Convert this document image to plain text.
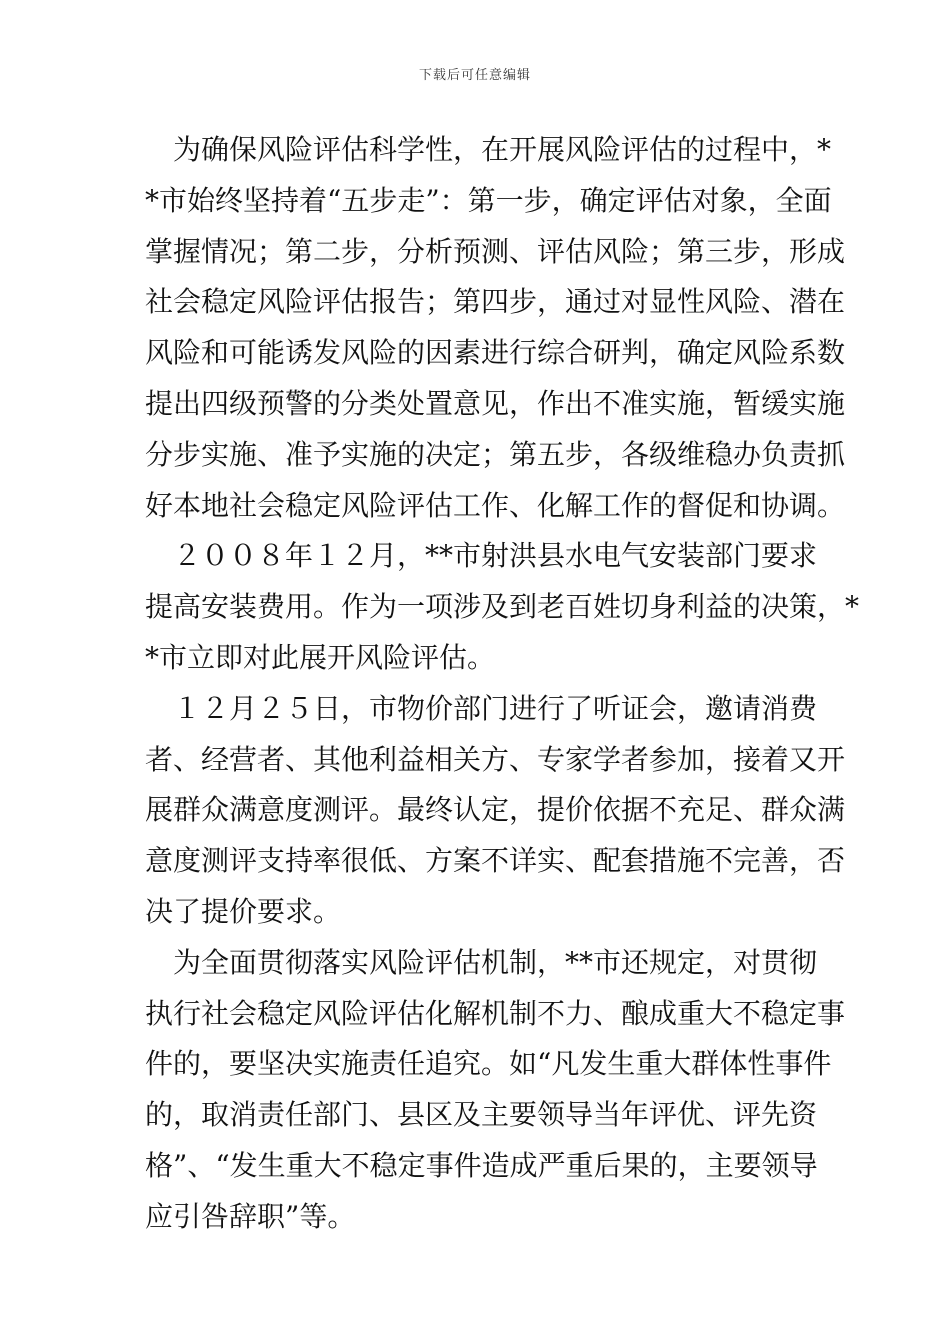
下载后可任意编辑
　为确保风险评估科学性，在开展风险评估的过程中，*
*市始终坚持着“五步走”：第一步，确定评估对象，全面
掌握情况；第二步，分析预测、评估风险；第三步，形成
社会稳定风险评估报告；第四步，通过对显性风险、潜在
风险和可能诱发风险的因素进行综合研判，确定风险系数
提出四级预警的分类处置意见，作出不准实施，暂缓实施
分步实施、准予实施的决定；第五步，各级维稳办负责抓
好本地社会稳定风险评估工作、化解工作的督促和协调。
　２００８年１２月，**市射洪县水电气安装部门要求
提高安装费用。作为一项涉及到老百姓切身利益的决策，*
*市立即对此展开风险评估。
　１２月２５日，市物价部门进行了听证会，邀请消费
者、经营者、其他利益相关方、专家学者参加，接着又开
展群众满意度测评。最终认定，提价依据不充足、群众满
意度测评支持率很低、方案不详实、配套措施不完善，否
决了提价要求。
　为全面贯彻落实风险评估机制，**市还规定，对贯彻
执行社会稳定风险评估化解机制不力、酿成重大不稳定事
件的，要坚决实施责任追究。如“凡发生重大群体性事件
的，取消责任部门、县区及主要领导当年评优、评先资
格”、“发生重大不稳定事件造成严重后果的，主要领导
应引咎辞职”等。
